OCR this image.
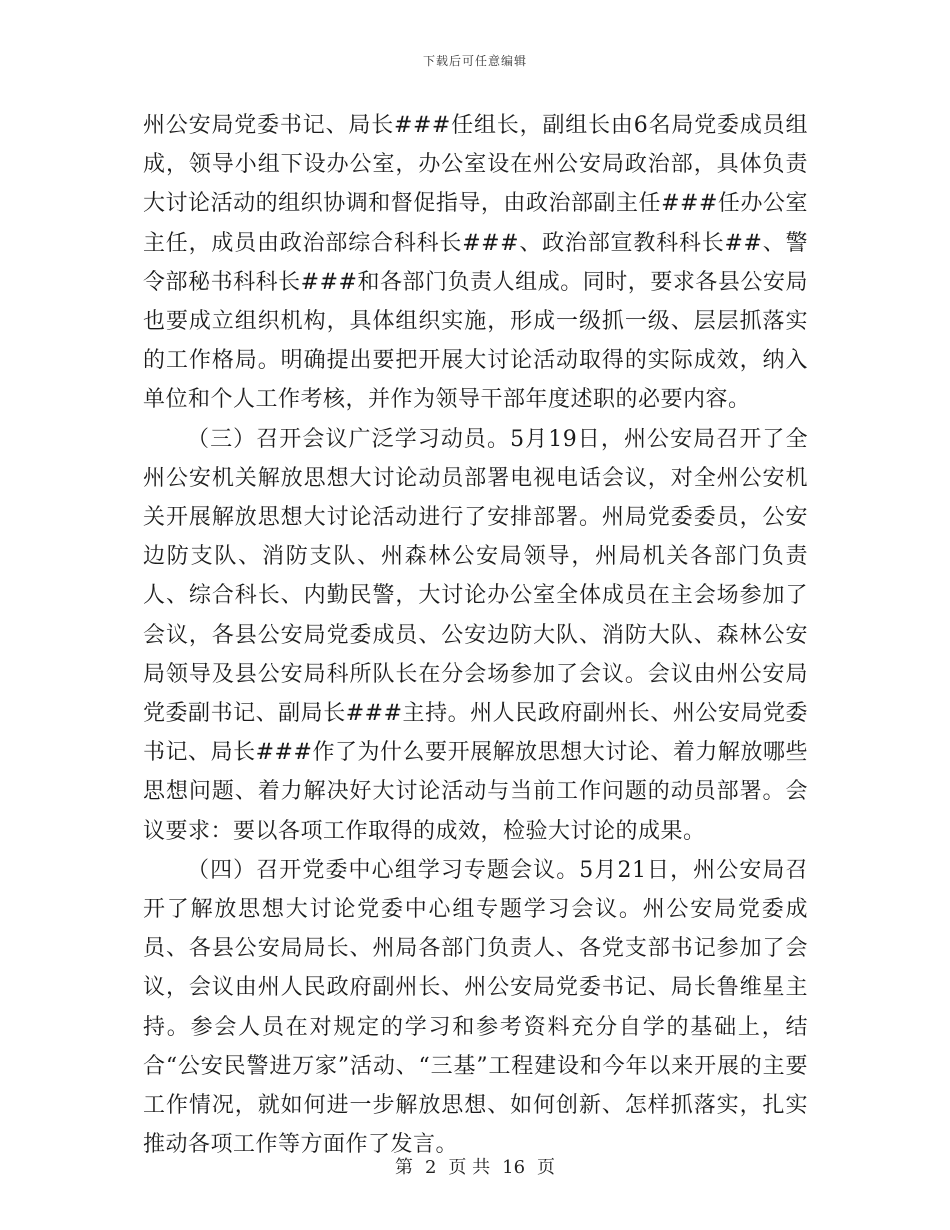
下载后可任意编辑

州公安局党委书记、局长###任组长，副组长由6名局党委成员组成，领导小组下设办公室，办公室设在州公安局政治部，具体负责大讨论活动的组织协调和督促指导，由政治部副主任###任办公室主任，成员由政治部综合科科长###、政治部宣教科科长##、警令部秘书科科长###和各部门负责人组成。同时，要求各县公安局也要成立组织机构，具体组织实施，形成一级抓一级、层层抓落实的工作格局。明确提出要把开展大讨论活动取得的实际成效，纳入单位和个人工作考核，并作为领导干部年度述职的必要内容。

（三）召开会议广泛学习动员。5月19日，州公安局召开了全州公安机关解放思想大讨论动员部署电视电话会议，对全州公安机关开展解放思想大讨论活动进行了安排部署。州局党委委员，公安边防支队、消防支队、州森林公安局领导，州局机关各部门负责人、综合科长、内勤民警，大讨论办公室全体成员在主会场参加了会议，各县公安局党委成员、公安边防大队、消防大队、森林公安局领导及县公安局科所队长在分会场参加了会议。会议由州公安局党委副书记、副局长###主持。州人民政府副州长、州公安局党委书记、局长###作了为什么要开展解放思想大讨论、着力解放哪些思想问题、着力解决好大讨论活动与当前工作问题的动员部署。会议要求：要以各项工作取得的成效，检验大讨论的成果。

（四）召开党委中心组学习专题会议。5月21日，州公安局召开了解放思想大讨论党委中心组专题学习会议。州公安局党委成员、各县公安局局长、州局各部门负责人、各党支部书记参加了会议，会议由州人民政府副州长、州公安局党委书记、局长鲁维星主持。参会人员在对规定的学习和参考资料充分自学的基础上，结合“公安民警进万家”活动、“三基”工程建设和今年以来开展的主要工作情况，就如何进一步解放思想、如何创新、怎样抓落实，扎实推动各项工作等方面作了发言。

第 2 页 共 16 页
